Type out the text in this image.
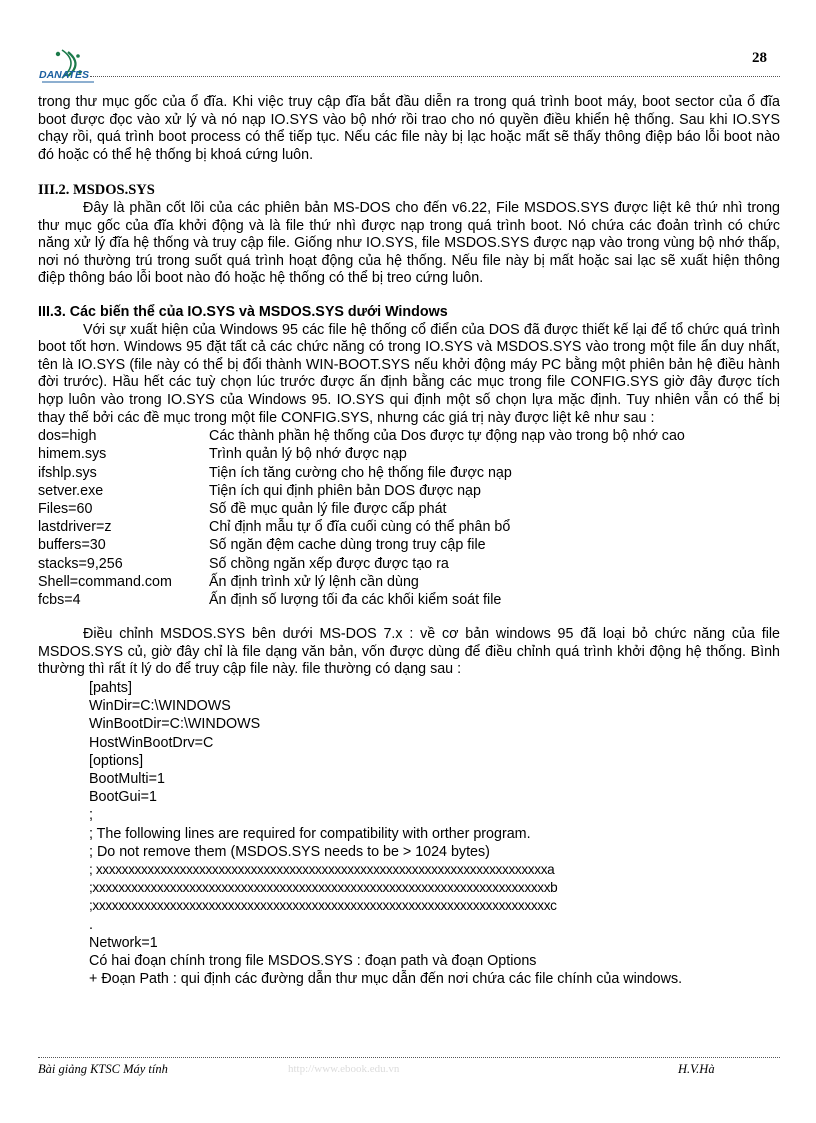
DANATES
28

trong thư mục gốc của ổ đĩa. Khi việc truy cập đĩa bắt đầu diễn ra trong quá trình boot máy, boot sector của ổ đĩa boot được đọc vào xử lý và nó nạp IO.SYS vào bộ nhớ rồi trao cho nó quyền điều khiển hệ thống. Sau khi IO.SYS chạy rồi, quá trình boot process có thể tiếp tục. Nếu các file này bị lạc hoặc mất sẽ thấy thông điệp báo lỗi boot nào đó hoặc có thể hệ thống bị khoá cứng luôn.

III.2. MSDOS.SYS

Đây là phần cốt lõi của các phiên bản MS-DOS cho đến v6.22, File MSDOS.SYS được liệt kê thứ nhì trong thư mục gốc của đĩa khởi động và là file thứ nhì được nạp trong quá trình boot. Nó chứa các đoản trình có chức năng xử lý đĩa hệ thống và truy cập file. Giống như IO.SYS, file MSDOS.SYS được nạp vào trong vùng bộ nhớ thấp, nơi nó thường trú trong suốt quá trình hoạt động của hệ thống. Nếu file này bị mất hoặc sai lạc sẽ xuất hiện thông điệp thông báo lỗi boot nào đó hoặc hệ thống có thể bị treo cứng luôn.

III.3. Các biến thể của IO.SYS và MSDOS.SYS dưới Windows

Với sự xuất hiện của Windows 95 các file hệ thống cổ điển của DOS đã được thiết kế lại để tổ chức quá trình boot tốt hơn. Windows 95 đặt tất cả các chức năng có trong IO.SYS và MSDOS.SYS vào trong một file ẩn duy nhất, tên là IO.SYS (file này có thể bị đổi thành WIN-BOOT.SYS nếu khởi động máy PC bằng một phiên bản hệ điều hành đời trước). Hầu hết các tuỳ chọn lúc trước được ấn định bằng các mục trong file CONFIG.SYS giờ đây được tích hợp luôn vào trong IO.SYS của Windows 95. IO.SYS qui định một số chọn lựa mặc định. Tuy nhiên vẫn có thể bị thay thế bởi các đề mục trong một file CONFIG.SYS, nhưng các giá trị này được liệt kê như sau :

dos=high	Các thành phần hệ thống của Dos được tự động nạp vào trong bộ nhớ cao
himem.sys	Trình quản lý bộ nhớ được nạp
ifshlp.sys	Tiện ích tăng cường cho hệ thống file được nạp
setver.exe	Tiện ích qui định phiên bản DOS được nạp
Files=60	Số đề mục quản lý file được cấp phát
lastdriver=z	Chỉ định mẫu tự ổ đĩa cuối cùng có thể phân bổ
buffers=30	Số ngăn đệm cache dùng trong truy cập file
stacks=9,256	Số chồng ngăn xếp được được tạo ra
Shell=command.com	Ấn định trình xử lý lệnh cần dùng
fcbs=4	Ấn định số lượng tối đa các khối kiểm soát file

Điều chỉnh MSDOS.SYS bên dưới MS-DOS 7.x : về cơ bản windows 95 đã loại bỏ chức năng của file MSDOS.SYS củ, giờ đây chỉ là file dạng văn bản, vốn được dùng để điều chỉnh quá trình khởi động hệ thống. Bình thường thì rất ít lý do để truy cập file này. file thường có dạng sau :

[pahts]
WinDir=C:\WINDOWS
WinBootDir=C:\WINDOWS
HostWinBootDrv=C
[options]
BootMulti=1
BootGui=1
;
; The following lines are required for compatibility with orther program.
; Do not remove them (MSDOS.SYS needs to be > 1024 bytes)
; xxxxxxxxxxxxxxxxxxxxxxxxxxxxxxxxxxxxxxxxxxxxxxxxxxxxxxxxxxxxxxxxxxxxxxa
;xxxxxxxxxxxxxxxxxxxxxxxxxxxxxxxxxxxxxxxxxxxxxxxxxxxxxxxxxxxxxxxxxxxxxxxb
;xxxxxxxxxxxxxxxxxxxxxxxxxxxxxxxxxxxxxxxxxxxxxxxxxxxxxxxxxxxxxxxxxxxxxxxc
.
Network=1
Có hai đoạn chính trong file MSDOS.SYS : đoạn path và đoạn Options
+ Đoạn Path : qui định các đường dẫn thư mục dẫn đến nơi chứa các file chính của windows.
Bài giảng KTSC Máy tính	http://www.ebook.edu.vn	H.V.Hà
